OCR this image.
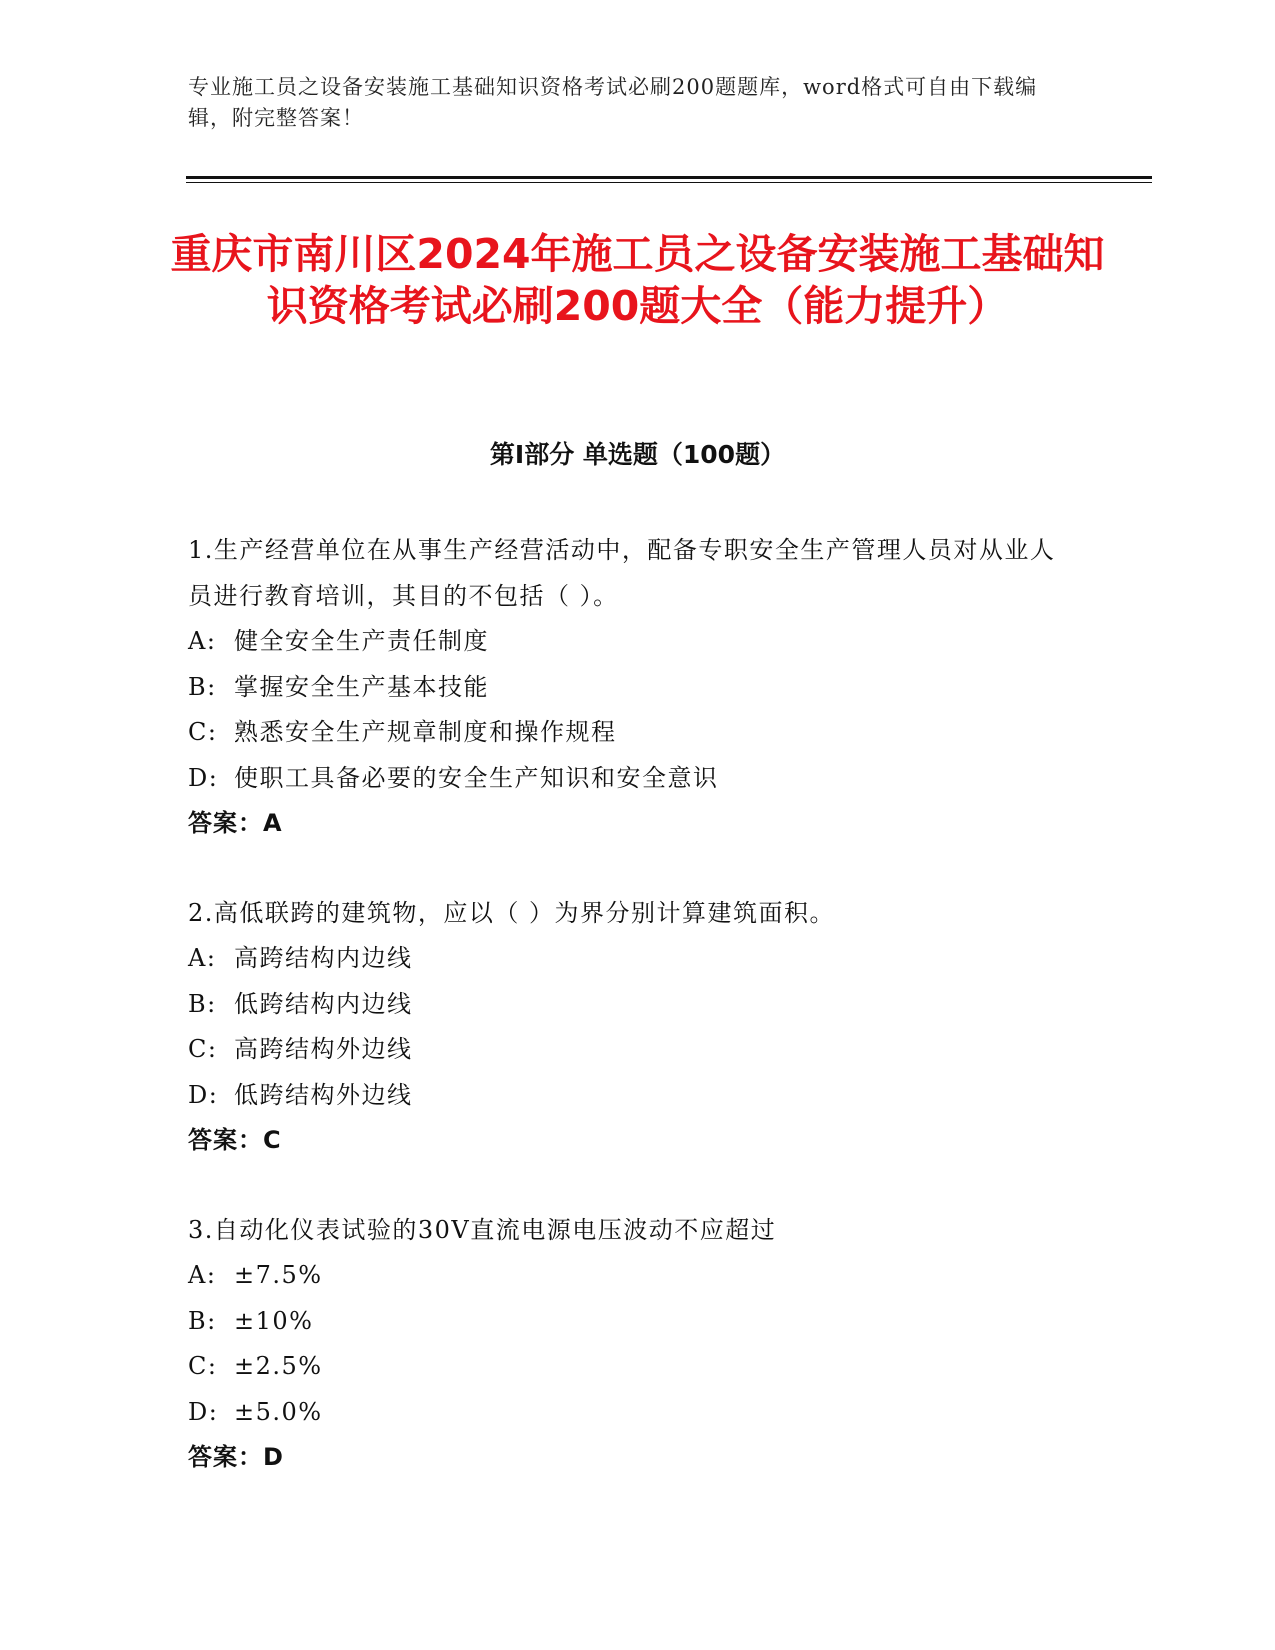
专业施工员之设备安装施工基础知识资格考试必刷200题题库，word格式可自由下载编辑，附完整答案！
重庆市南川区2024年施工员之设备安装施工基础知识资格考试必刷200题大全（能力提升）
第Ⅰ部分 单选题（100题）
1.生产经营单位在从事生产经营活动中，配备专职安全生产管理人员对从业人员进行教育培训，其目的不包括（ ）。
A: 健全安全生产责任制度
B: 掌握安全生产基本技能
C: 熟悉安全生产规章制度和操作规程
D: 使职工具备必要的安全生产知识和安全意识
答案：A
2.高低联跨的建筑物，应以（ ）为界分别计算建筑面积。
A: 高跨结构内边线
B: 低跨结构内边线
C: 高跨结构外边线
D: 低跨结构外边线
答案：C
3.自动化仪表试验的30V直流电源电压波动不应超过
A: ±7.5%
B: ±10%
C: ±2.5%
D: ±5.0%
答案：D
